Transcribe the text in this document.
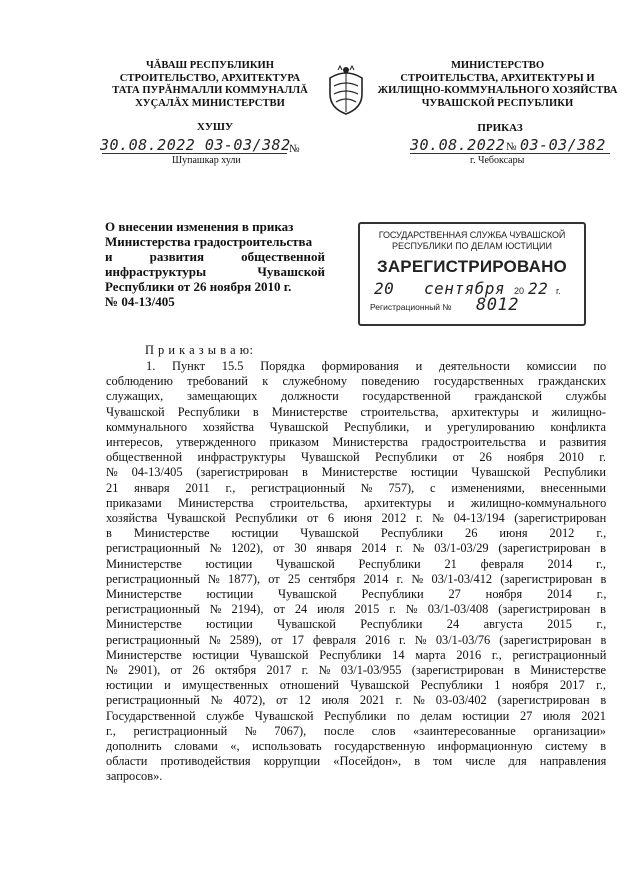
ЧĂВАШ РЕСПУБЛИКИН
СТРОИТЕЛЬСТВО, АРХИТЕКТУРА
ТАТА ПУРĂНМАЛЛИ КОММУНАЛЛĂ
ХУÇАЛĂХ МИНИСТЕРСТВИ
ХУШУ
30.08.2022 03-03/382
№
Шупашкар хули
МИНИСТЕРСТВО
СТРОИТЕЛЬСТВА, АРХИТЕКТУРЫ И
ЖИЛИЩНО-КОММУНАЛЬНОГО ХОЗЯЙСТВА
ЧУВАШСКОЙ РЕСПУБЛИКИ
ПРИКАЗ
30.08.2022 № 03-03/382
г. Чебоксары
О внесении изменения в приказ
Министерства градостроительства
и развития общественной
инфраструктуры Чувашской
Республики от 26 ноября 2010 г.
№ 04-13/405
ГОСУДАРСТВЕННАЯ СЛУЖБА ЧУВАШСКОЙ
РЕСПУБЛИКИ ПО ДЕЛАМ ЮСТИЦИИ
ЗАРЕГИСТРИРОВАНО
20 сентября 20 22 г.
Регистрационный № 8012
П р и к а з ы в а ю:
1. Пункт 15.5 Порядка формирования и деятельности комиссии по
соблюдению требований к служебному поведению государственных гражданских
служащих, замещающих должности государственной гражданской службы
Чувашской Республики в Министерстве строительства, архитектуры и жилищно-
коммунального хозяйства Чувашской Республики, и урегулированию конфликта
интересов, утвержденного приказом Министерства градостроительства и развития
общественной инфраструктуры Чувашской Республики от 26 ноября 2010 г.
№ 04-13/405 (зарегистрирован в Министерстве юстиции Чувашской Республики
21 января 2011 г., регистрационный № 757), с изменениями, внесенными
приказами Министерства строительства, архитектуры и жилищно-коммунального
хозяйства Чувашской Республики от 6 июня 2012 г. № 04-13/194 (зарегистрирован
в Министерстве юстиции Чувашской Республики 26 июня 2012 г.,
регистрационный № 1202), от 30 января 2014 г. № 03/1-03/29 (зарегистрирован в
Министерстве юстиции Чувашской Республики 21 февраля 2014 г.,
регистрационный № 1877), от 25 сентября 2014 г. № 03/1-03/412 (зарегистрирован в
Министерстве юстиции Чувашской Республики 27 ноября 2014 г.,
регистрационный № 2194), от 24 июля 2015 г. № 03/1-03/408 (зарегистрирован в
Министерстве юстиции Чувашской Республики 24 августа 2015 г.,
регистрационный № 2589), от 17 февраля 2016 г. № 03/1-03/76 (зарегистрирован в
Министерстве юстиции Чувашской Республики 14 марта 2016 г., регистрационный
№ 2901), от 26 октября 2017 г. № 03/1-03/955 (зарегистрирован в Министерстве
юстиции и имущественных отношений Чувашской Республики 1 ноября 2017 г.,
регистрационный № 4072), от 12 июля 2021 г. № 03-03/402 (зарегистрирован в
Государственной службе Чувашской Республики по делам юстиции 27 июля 2021
г., регистрационный № 7067), после слов «заинтересованные организации»
дополнить словами «, использовать государственную информационную систему в
области противодействия коррупции «Посейдон», в том числе для направления
запросов».
